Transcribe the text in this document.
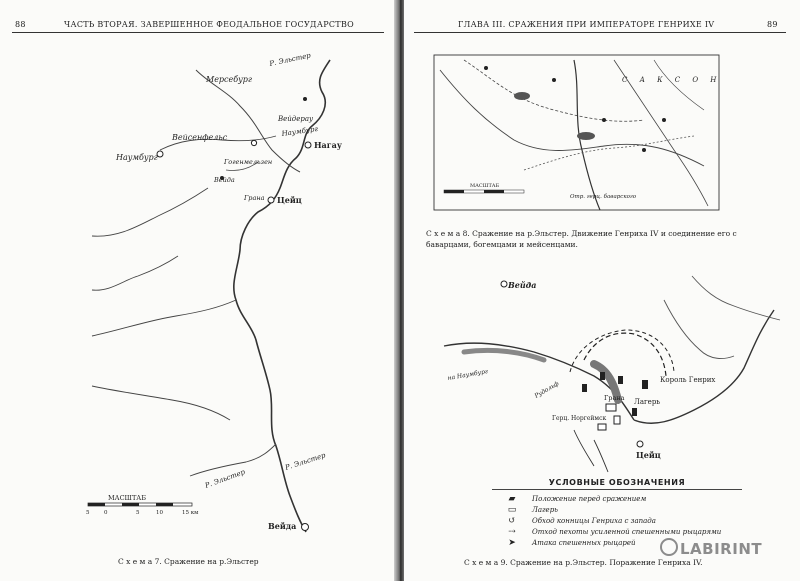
88	ЧАСТЬ ВТОРАЯ. ЗАВЕРШЕННОЕ ФЕОДАЛЬНОЕ ГОСУДАРСТВО
Мерсебург
Р. Эльстер
Вейдерау
Наумбург
Вейсенфельс
Гогенмельзен
Вейда
Грана Цейц
Наумбург
Нагау
Вейда
Р. Эльстер
Р. Эльстер
МАСШТАБ
5	0	5	10	15 км
С х е м а 7. Сражение на р.Эльстер
ГЛАВА III. СРАЖЕНИЯ ПРИ ИМПЕРАТОРЕ ГЕНРИХЕ IV	89
С А К С О Н
Отр. герц. баварского
МАСШТАБ
Вейда
на Наумбург	Король Генрих
Лагерь
Цейц
Герц. Норгеймск
Рудольф	Грана
С х е м а 8. Сражение на р.Эльстер. Движение Генриха IV и соединение его с баварцами, богемцами и мейсенцами.
УСЛОВНЫЕ ОБОЗНАЧЕНИЯ
▰	Положение перед сражением
▭	Лагерь
↺	Обход конницы Генриха с запада
⇢	Отход пехоты усиленной спешенными рыцарями
➤	Атака спешенных рыцарей
С х е м а 9. Сражение на р.Эльстер. Поражение Генриха IV.
LABIRINT
